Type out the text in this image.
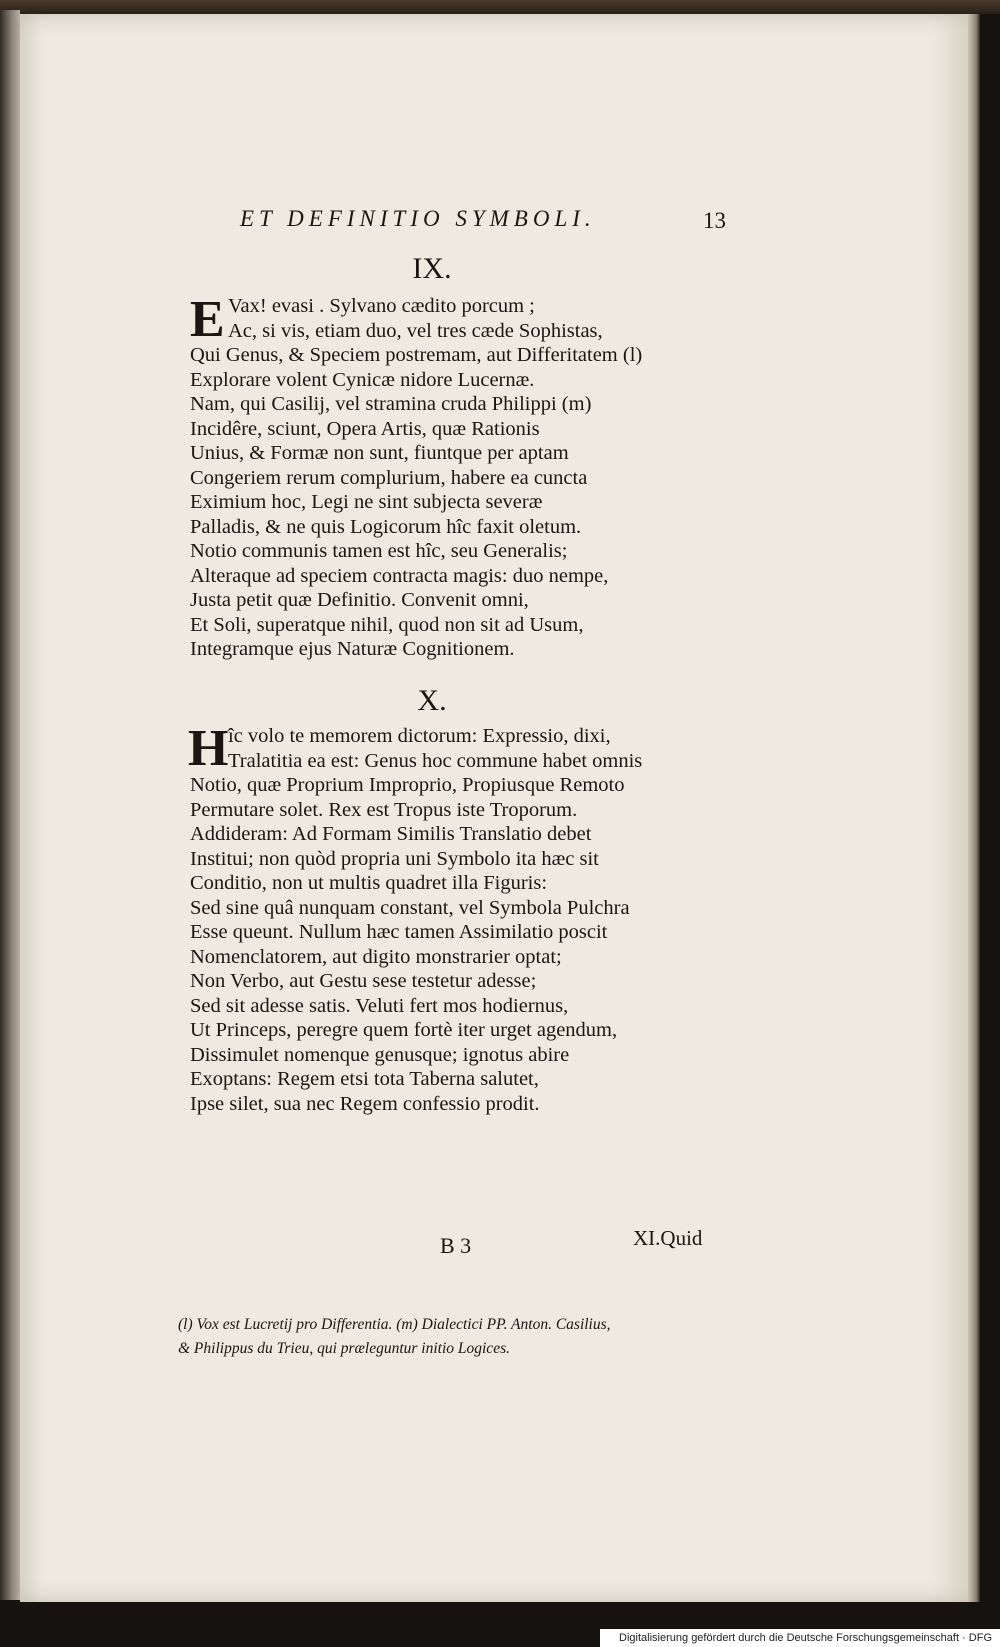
ET DEFINITIO SYMBOLI.	13
IX.
E Vax! evasi . Sylvano cædito porcum ;
Ac, si vis, etiam duo, vel tres cæde Sophistas,
Qui Genus, & Speciem postremam, aut Differitatem (l)
Explorare volent Cynicæ nidore Lucernæ.
Nam, qui Casilij, vel stramina cruda Philippi (m)
Incidêre, sciunt, Opera Artis, quæ Rationis
Unius, & Formæ non sunt, fiuntque per aptam
Congeriem rerum complurium, habere ea cuncta
Eximium hoc, Legi ne sint subjecta severæ
Palladis, & ne quis Logicorum hîc faxit oletum.
Notio communis tamen est hîc, seu Generalis;
Alteraque ad speciem contracta magis: duo nempe,
Justa petit quæ Definitio. Convenit omni,
Et Soli, superatque nihil, quod non sit ad Usum,
Integramque ejus Naturæ Cognitionem.
X.
H îc volo te memorem dictorum: Expressio, dixi,
Tralatitia ea est: Genus hoc commune habet omnis
Notio, quæ Proprium Improprio, Propiusque Remoto
Permutare solet. Rex est Tropus iste Troporum.
Addideram: Ad Formam Similis Translatio debet
Institui; non quòd propria uni Symbolo ita hæc sit
Conditio, non ut multis quadret illa Figuris:
Sed sine quâ nunquam constant, vel Symbola Pulchra
Esse queunt. Nullum hæc tamen Assimilatio poscit
Nomenclatorem, aut digito monstrarier optat;
Non Verbo, aut Gestu sese testetur adesse;
Sed sit adesse satis. Veluti fert mos hodiernus,
Ut Princeps, peregre quem fortè iter urget agendum,
Dissimulet nomenque genusque; ignotus abire
Exoptans: Regem etsi tota Taberna salutet,
Ipse silet, sua nec Regem confessio prodit.
B 3	XI.Quid
(l) Vox est Lucretij pro Differentia. (m) Dialectici PP. Anton. Casilius,
& Philippus du Trieu, qui præleguntur initio Logices.
Digitalisierung gefördert durch die Deutsche Forschungsgemeinschaft · DFG
